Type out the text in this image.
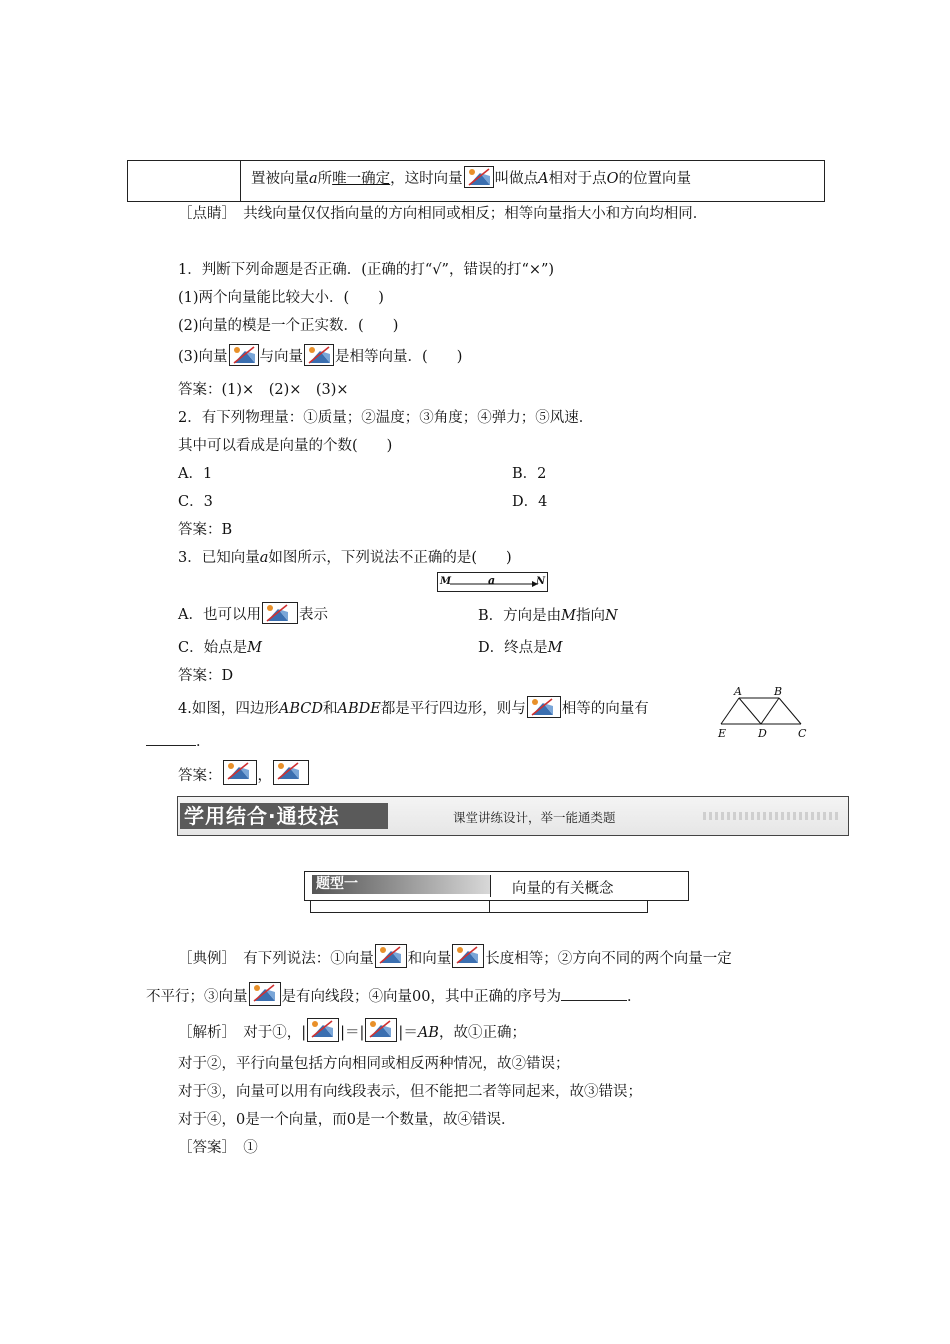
置被向量a所唯一确定，这时向量 叫做点A相对于点O的位置向量
［点睛］　共线向量仅仅指向量的方向相同或相反；相等向量指大小和方向均相同．
1．判断下列命题是否正确．(正确的打“√”，错误的打“×”)
(1)两个向量能比较大小．(　　)
(2)向量的模是一个正实数．(　　)
(3)向量 与向量 是相等向量．(　　)
答案：(1)×　(2)×　(3)×
2．有下列物理量：①质量；②温度；③角度；④弹力；⑤风速．
其中可以看成是向量的个数(　　)
A．1	B．2
C．3	D．4
答案：B
3．已知向量a如图所示，下列说法不正确的是(　　)
M	a	N
A．也可以用	表示	B．方向是由M指向N
C．始点是M	D．终点是M
答案：D
4.如图，四边形ABCD和ABDE都是平行四边形，则与 相等的向量有
．
A	B
E	D	C
答案： ，
学用结合·通技法	课堂讲练设计，举一能通类题
题型一	向量的有关概念
［典例］　有下列说法：①向量 和向量 长度相等；②方向不同的两个向量一定
不平行；③向量 是有向线段；④向量00，其中正确的序号为	．
［解析］　对于①，| |＝| |＝AB，故①正确；
对于②，平行向量包括方向相同或相反两种情况，故②错误；
对于③，向量可以用有向线段表示，但不能把二者等同起来，故③错误；
对于④，0是一个向量，而0是一个数量，故④错误．
［答案］　①
